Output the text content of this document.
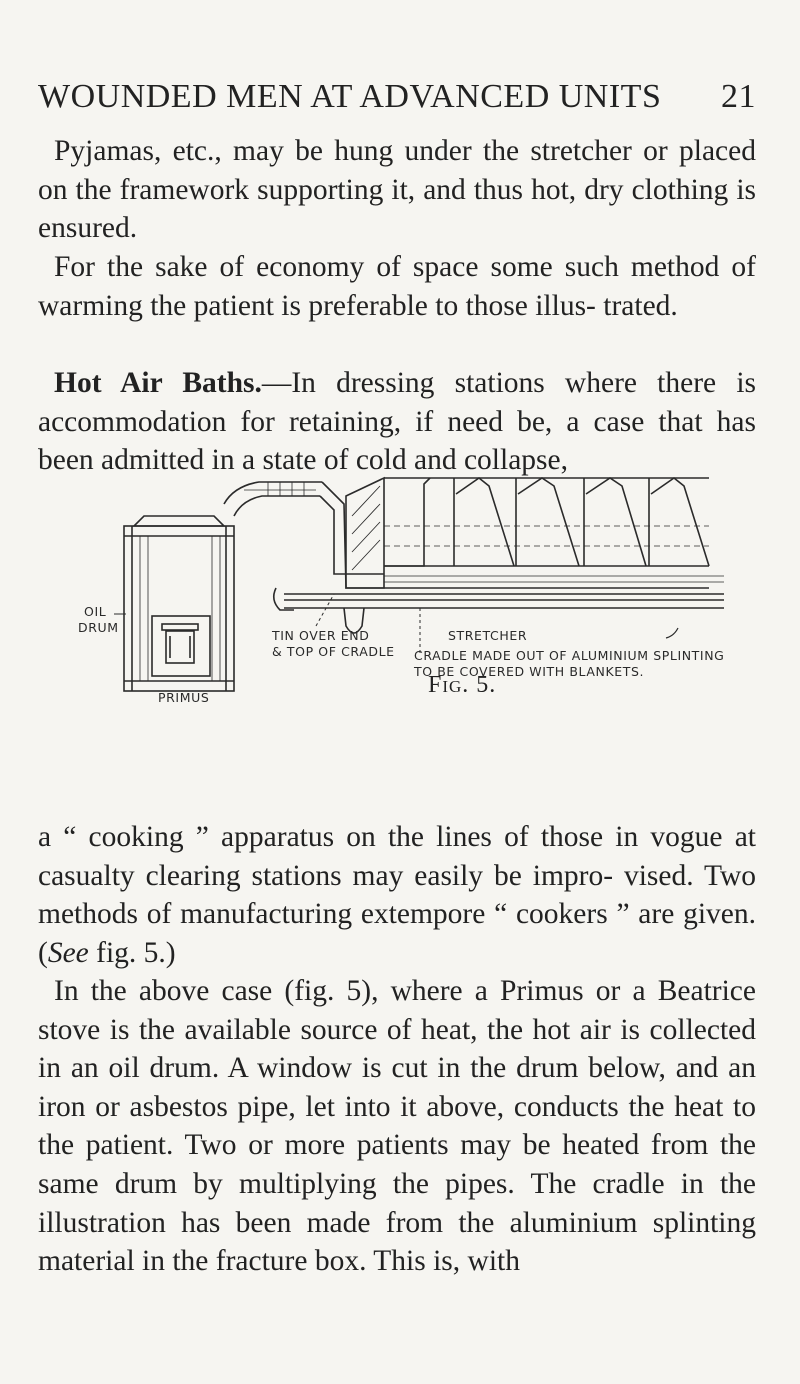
WOUNDED MEN AT ADVANCED UNITS 21

Pyjamas, etc., may be hung under the stretcher or placed on the framework supporting it, and thus hot, dry clothing is ensured.

For the sake of economy of space some such method of warming the patient is preferable to those illus- trated.

Hot Air Baths.—In dressing stations where there is accommodation for retaining, if need be, a case that has been admitted in a state of cold and collapse,

OIL
DRUM
PRIMUS
TIN OVER END
& TOP OF CRADLE
STRETCHER
CRADLE MADE OUT OF ALUMINIUM SPLINTING
TO BE COVERED WITH BLANKETS.
Fig. 5.

a “ cooking ” apparatus on the lines of those in vogue at casualty clearing stations may easily be impro- vised. Two methods of manufacturing extempore “ cookers ” are given. (See fig. 5.)

In the above case (fig. 5), where a Primus or a Beatrice stove is the available source of heat, the hot air is collected in an oil drum. A window is cut in the drum below, and an iron or asbestos pipe, let into it above, conducts the heat to the patient. Two or more patients may be heated from the same drum by multiplying the pipes. The cradle in the illustration has been made from the aluminium splinting material in the fracture box. This is, with
